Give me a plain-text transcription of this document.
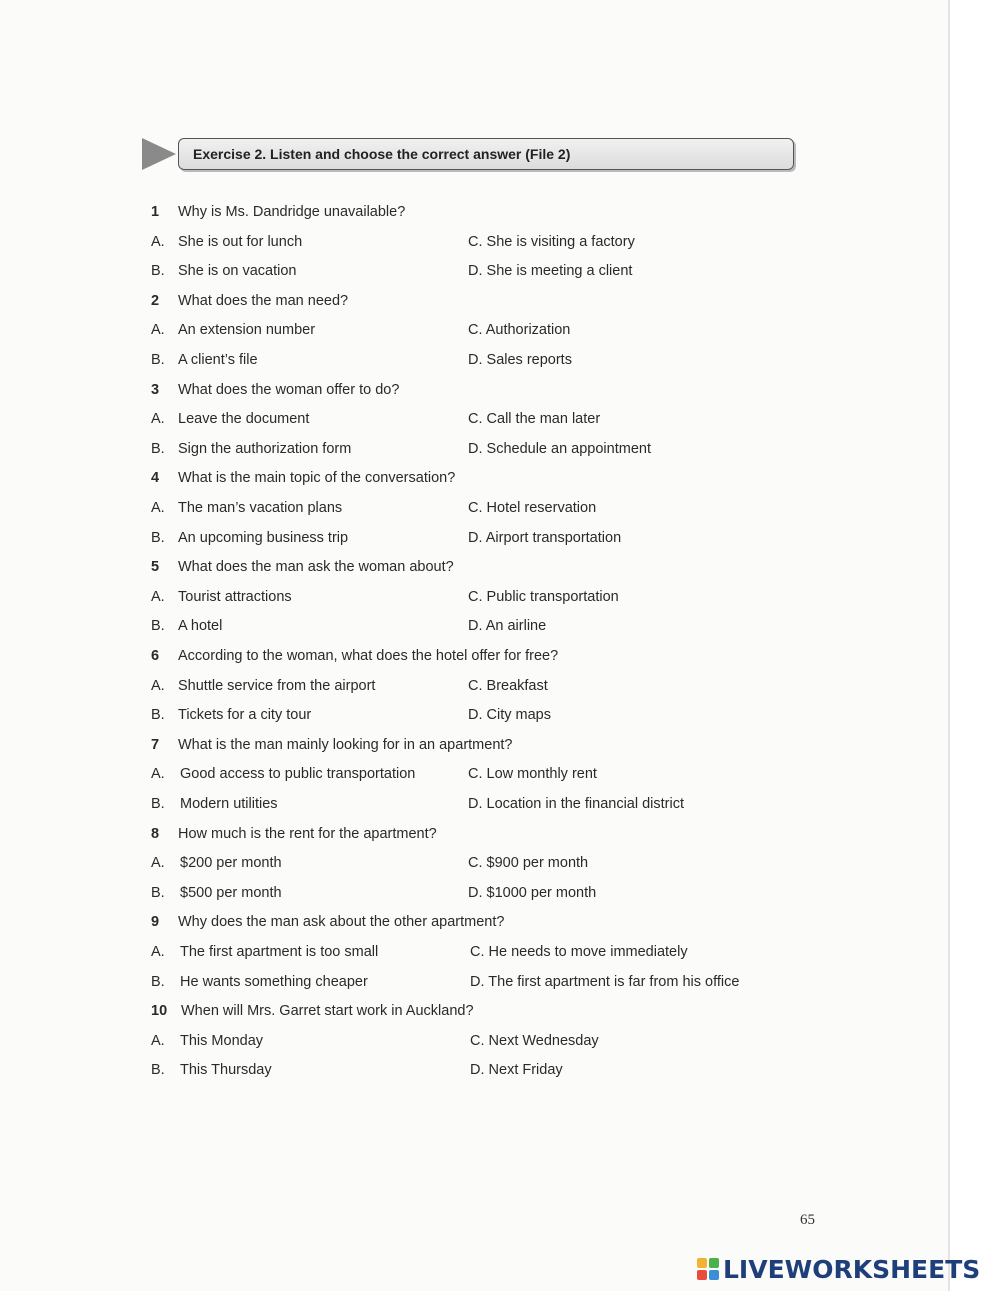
Exercise 2. Listen and choose the correct answer (File 2)
1 Why is Ms. Dandridge unavailable?
A. She is out for lunch	C. She is visiting a factory
B. She is on vacation	D. She is meeting a client
2 What does the man need?
A. An extension number	C. Authorization
B. A client’s file	D. Sales reports
3 What does the woman offer to do?
A. Leave the document	C. Call the man later
B. Sign the authorization form	D. Schedule an appointment
4 What is the main topic of the conversation?
A. The man’s vacation plans	C. Hotel reservation
B. An upcoming business trip	D. Airport transportation
5 What does the man ask the woman about?
A. Tourist attractions	C. Public transportation
B. A hotel	D. An airline
6 According to the woman, what does the hotel offer for free?
A. Shuttle service from the airport	C. Breakfast
B. Tickets for a city tour	D. City maps
7 What is the man mainly looking for in an apartment?
A. Good access to public transportation	C. Low monthly rent
B. Modern utilities	D. Location in the financial district
8 How much is the rent for the apartment?
A. $200 per month	C. $900 per month
B. $500 per month	D. $1000 per month
9 Why does the man ask about the other apartment?
A. The first apartment is too small	C. He needs to move immediately
B. He wants something cheaper	D. The first apartment is far from his office
10 When will Mrs. Garret start work in Auckland?
A. This Monday	C. Next Wednesday
B. This Thursday	D. Next Friday
65
LIVEWORKSHEETS
